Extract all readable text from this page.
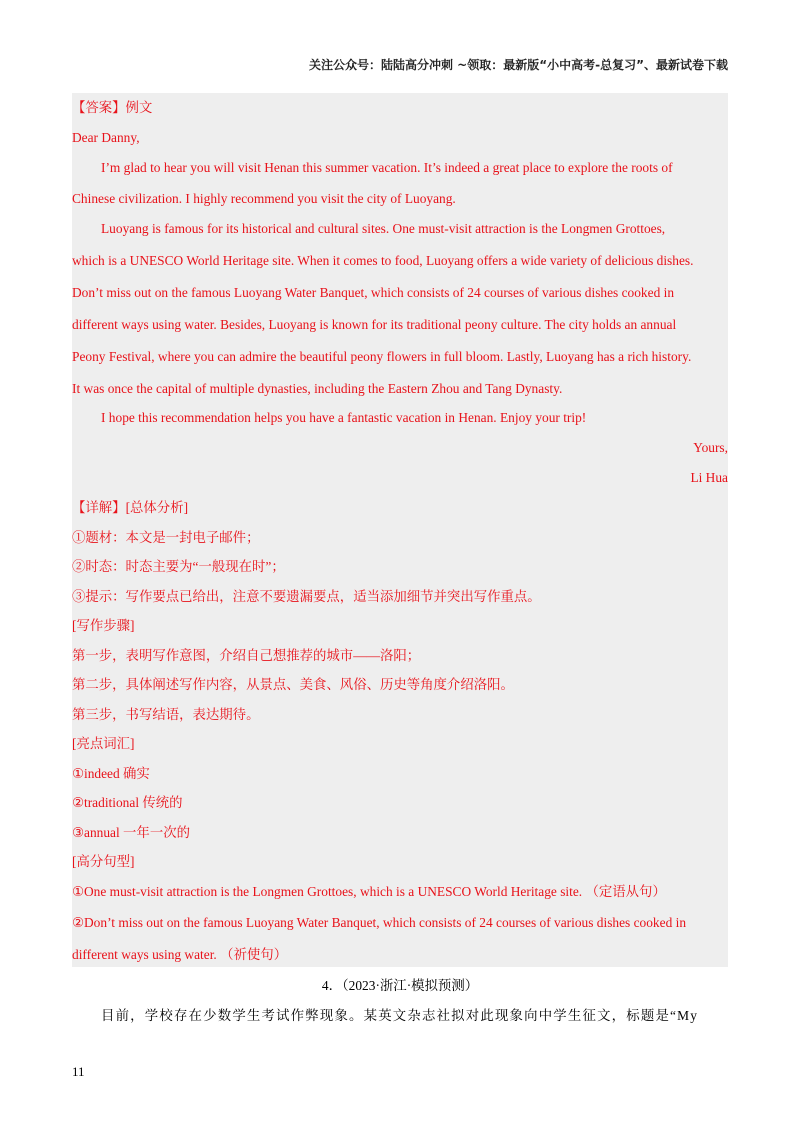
关注公众号：陆陆高分冲刺 ~领取：最新版“小中高考-总复习”、最新试卷下载
【答案】例文
Dear Danny,
I’m glad to hear you will visit Henan this summer vacation. It’s indeed a great place to explore the roots of
Chinese civilization. I highly recommend you visit the city of Luoyang.
Luoyang is famous for its historical and cultural sites. One must-visit attraction is the Longmen Grottoes,
which is a UNESCO World Heritage site. When it comes to food, Luoyang offers a wide variety of delicious dishes.
Don’t miss out on the famous Luoyang Water Banquet, which consists of 24 courses of various dishes cooked in
different ways using water. Besides, Luoyang is known for its traditional peony culture. The city holds an annual
Peony Festival, where you can admire the beautiful peony flowers in full bloom. Lastly, Luoyang has a rich history.
It was once the capital of multiple dynasties, including the Eastern Zhou and Tang Dynasty.
I hope this recommendation helps you have a fantastic vacation in Henan. Enjoy your trip!
Yours,
Li Hua
【详解】[总体分析]
①题材：本文是一封电子邮件；
②时态：时态主要为“一般现在时”；
③提示：写作要点已给出，注意不要遗漏要点，适当添加细节并突出写作重点。
[写作步骤]
第一步，表明写作意图，介绍自己想推荐的城市——洛阳；
第二步，具体阐述写作内容，从景点、美食、风俗、历史等角度介绍洛阳。
第三步，书写结语，表达期待。
[亮点词汇]
①indeed 确实
②traditional 传统的
③annual 一年一次的
[高分句型]
①One must-visit attraction is the Longmen Grottoes, which is a UNESCO World Heritage site. （定语从句）
②Don’t miss out on the famous Luoyang Water Banquet, which consists of 24 courses of various dishes cooked in
different ways using water. （祈使句）
4．（2023·浙江·模拟预测）
目前，学校存在少数学生考试作弊现象。某英文杂志社拟对此现象向中学生征文，标题是“My
11
